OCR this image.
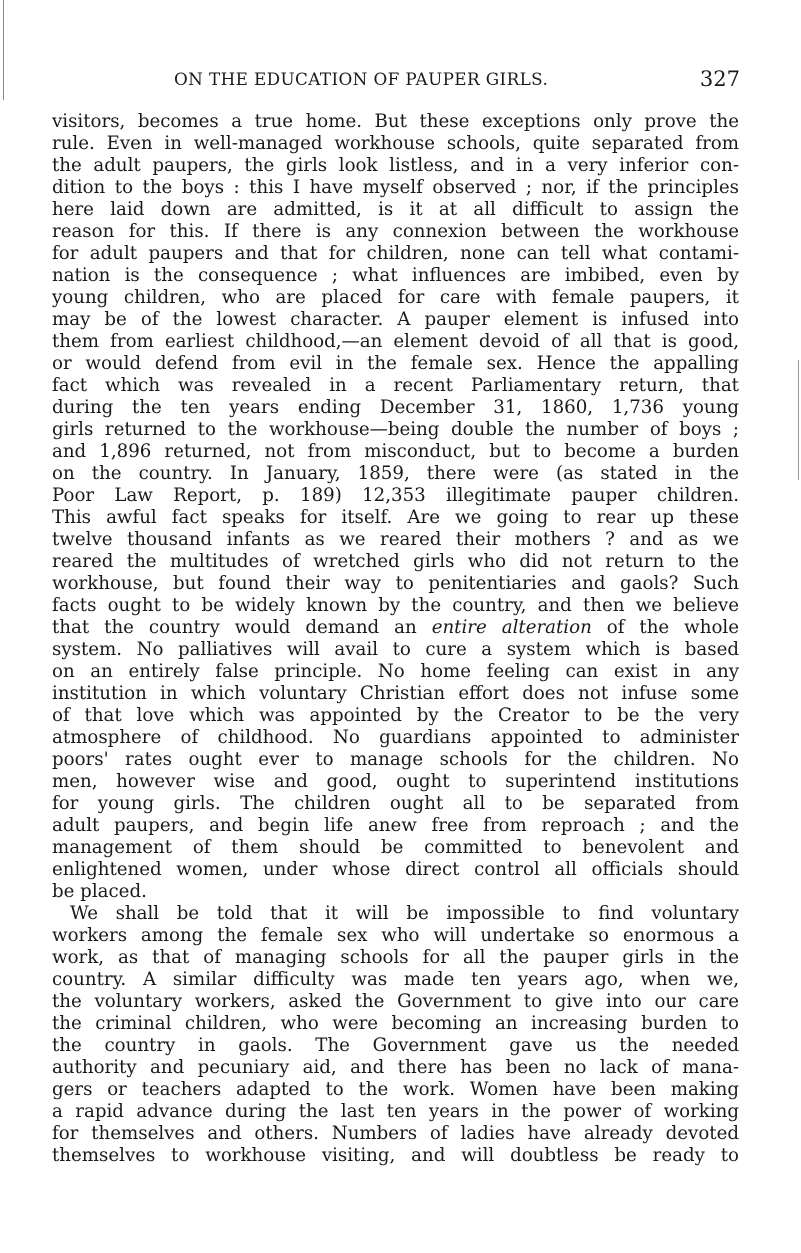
ON THE EDUCATION OF PAUPER GIRLS.	327
visitors, becomes a true home. But these exceptions only prove the
rule. Even in well-managed workhouse schools, quite separated from
the adult paupers, the girls look listless, and in a very inferior con-
dition to the boys : this I have myself observed ; nor, if the principles
here laid down are admitted, is it at all difficult to assign the
reason for this. If there is any connexion between the workhouse
for adult paupers and that for children, none can tell what contami-
nation is the consequence ; what influences are imbibed, even by
young children, who are placed for care with female paupers, it
may be of the lowest character. A pauper element is infused into
them from earliest childhood,—an element devoid of all that is good,
or would defend from evil in the female sex. Hence the appalling
fact which was revealed in a recent Parliamentary return, that
during the ten years ending December 31, 1860, 1,736 young
girls returned to the workhouse—being double the number of boys ;
and 1,896 returned, not from misconduct, but to become a burden
on the country. In January, 1859, there were (as stated in the
Poor Law Report, p. 189) 12,353 illegitimate pauper children.
This awful fact speaks for itself. Are we going to rear up these
twelve thousand infants as we reared their mothers ? and as we
reared the multitudes of wretched girls who did not return to the
workhouse, but found their way to penitentiaries and gaols? Such
facts ought to be widely known by the country, and then we believe
that the country would demand an entire alteration of the whole
system. No palliatives will avail to cure a system which is based
on an entirely false principle. No home feeling can exist in any
institution in which voluntary Christian effort does not infuse some
of that love which was appointed by the Creator to be the very
atmosphere of childhood. No guardians appointed to administer
poors' rates ought ever to manage schools for the children. No
men, however wise and good, ought to superintend institutions
for young girls. The children ought all to be separated from
adult paupers, and begin life anew free from reproach ; and the
management of them should be committed to benevolent and
enlightened women, under whose direct control all officials should
be placed.
We shall be told that it will be impossible to find voluntary
workers among the female sex who will undertake so enormous a
work, as that of managing schools for all the pauper girls in the
country. A similar difficulty was made ten years ago, when we,
the voluntary workers, asked the Government to give into our care
the criminal children, who were becoming an increasing burden to
the country in gaols. The Government gave us the needed
authority and pecuniary aid, and there has been no lack of mana-
gers or teachers adapted to the work. Women have been making
a rapid advance during the last ten years in the power of working
for themselves and others. Numbers of ladies have already devoted
themselves to workhouse visiting, and will doubtless be ready to
